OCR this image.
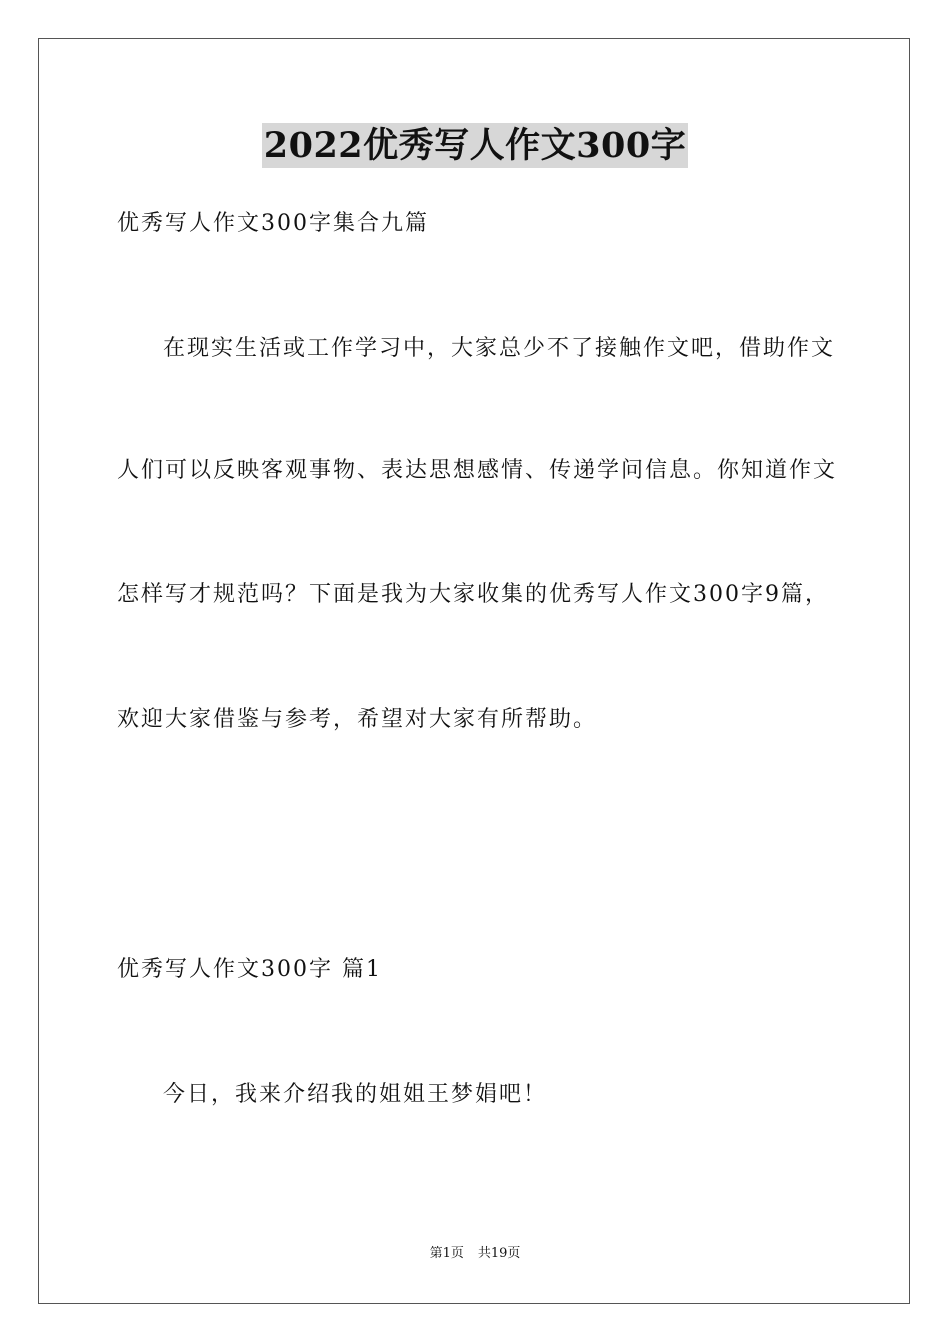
2022优秀写人作文300字
优秀写人作文300字集合九篇
在现实生活或工作学习中，大家总少不了接触作文吧，借助作文
人们可以反映客观事物、表达思想感情、传递学问信息。你知道作文
怎样写才规范吗？下面是我为大家收集的优秀写人作文300字9篇，
欢迎大家借鉴与参考，希望对大家有所帮助。
优秀写人作文300字 篇1
今日，我来介绍我的姐姐王梦娟吧！
第1页 共19页
